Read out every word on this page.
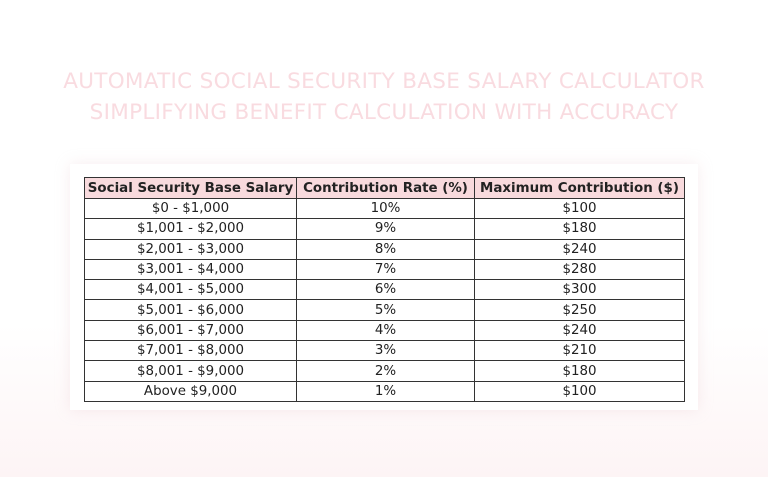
AUTOMATIC SOCIAL SECURITY BASE SALARY CALCULATOR
SIMPLIFYING BENEFIT CALCULATION WITH ACCURACY
Social Security Base Salary	Contribution Rate (%)	Maximum Contribution ($)
$0 - $1,000	10%	$100
$1,001 - $2,000	9%	$180
$2,001 - $3,000	8%	$240
$3,001 - $4,000	7%	$280
$4,001 - $5,000	6%	$300
$5,001 - $6,000	5%	$250
$6,001 - $7,000	4%	$240
$7,001 - $8,000	3%	$210
$8,001 - $9,000	2%	$180
Above $9,000	1%	$100
